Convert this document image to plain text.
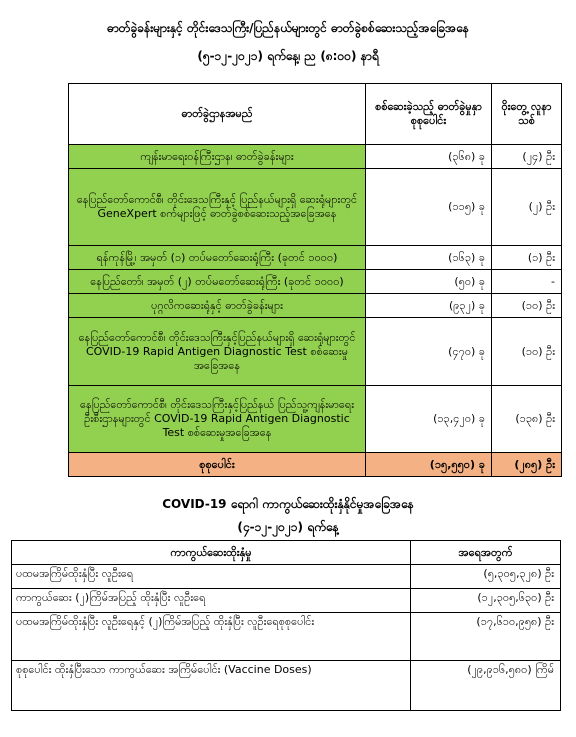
ဓာတ်ခွဲခန်းများနှင့် တိုင်းဒေသကြီး/ပြည်နယ်များတွင် ဓာတ်ခွဲစစ်ဆေးသည့်အခြေအနေ
(၅-၁၂-၂၀၂၁) ရက်နေ့၊ ည (၈:၀၀) နာရီ
ဓာတ်ခွဲဌာနအမည်	စစ်ဆေးခဲ့သည့် ဓာတ်ခွဲမှုနှာ စုစုပေါင်း	ဝိုးတွေ့ လူနာသစ်
ကျန်းမာရေးဝန်ကြီးဌာန၊ ဓာတ်ခွဲခန်းများ	(၃၆၈) ခု	(၂၄) ဦး
နေပြည်တော်ကောင်စီ၊ တိုင်းဒေသကြီးနှင့် ပြည်နယ်များရှိ ဆေးရုံများတွင် GeneXpert စက်များဖြင့် ဓာတ်ခွဲစစ်ဆေးသည့်အခြေအနေ	(၁၁၅) ခု	(၂) ဦး
ရန်ကုန်မြို့၊ အမှတ် (၁) တပ်မတော်ဆေးရုံကြီး (ခုတင် ၁၀၀၀)	(၁၆၃) ခု	(၁) ဦး
နေပြည်တော်၊ အမှတ် (၂) တပ်မတော်ဆေးရုံကြီး (ခုတင် ၁၀၀၀)	(၅၀) ခု	-
ပုဂ္ဂလိကဆေးရုံနှင့် ဓာတ်ခွဲခန်းများ	(၉၃၂) ခု	(၁၀) ဦး
နေပြည်တော်ကောင်စီ၊ တိုင်းဒေသကြီးနှင့်ပြည်နယ်များရှိ ဆေးရုံများတွင် COVID-19 Rapid Antigen Diagnostic Test စစ်ဆေးမှုအခြေအနေ	(၄၇၀) ခု	(၁၀) ဦး
နေပြည်တော်ကောင်စီ၊ တိုင်းဒေသကြီးနှင့်ပြည်နယ် ပြည်သူ့ကျန်းမာရေးဦးစီးဌာနများတွင် COVID-19 Rapid Antigen Diagnostic Test စစ်ဆေးမှုအခြေအနေ	(၁၃,၄၂၀) ခု	(၁၃၈) ဦး
စုစုပေါင်း	(၁၅,၅၅၀) ခု	(၂၈၅) ဦး
COVID-19 ရောဂါ ကာကွယ်ဆေးထိုးနှံနိုင်မှုအခြေအနေ
(၄-၁၂-၂၀၂၁) ရက်နေ့
ကာကွယ်ဆေးထိုးနှံမှု	အရေအတွက်
ပထမအကြိမ်ထိုးနှံပြီး လူဦးရေ	(၅,၃၀၅,၃၂၈) ဦး
ကာကွယ်ဆေး (၂)ကြိမ်အပြည့် ထိုးနှံပြီး လူဦးရေ	(၁၂,၃၀၅,၆၃၀) ဦး
ပထမအကြိမ်ထိုးနှံပြီး လူဦးရေနှင့် (၂)ကြိမ်အပြည့် ထိုးနှံပြီး လူဦးရေစုစုပေါင်း	(၁၇,၆၁၀,၉၅၈) ဦး
စုစုပေါင်း ထိုးနှံပြီးသော ကာကွယ်ဆေး အကြိမ်ပေါင်း (Vaccine Doses)	(၂၉,၉၁၆,၅၈၀) ကြိမ်
